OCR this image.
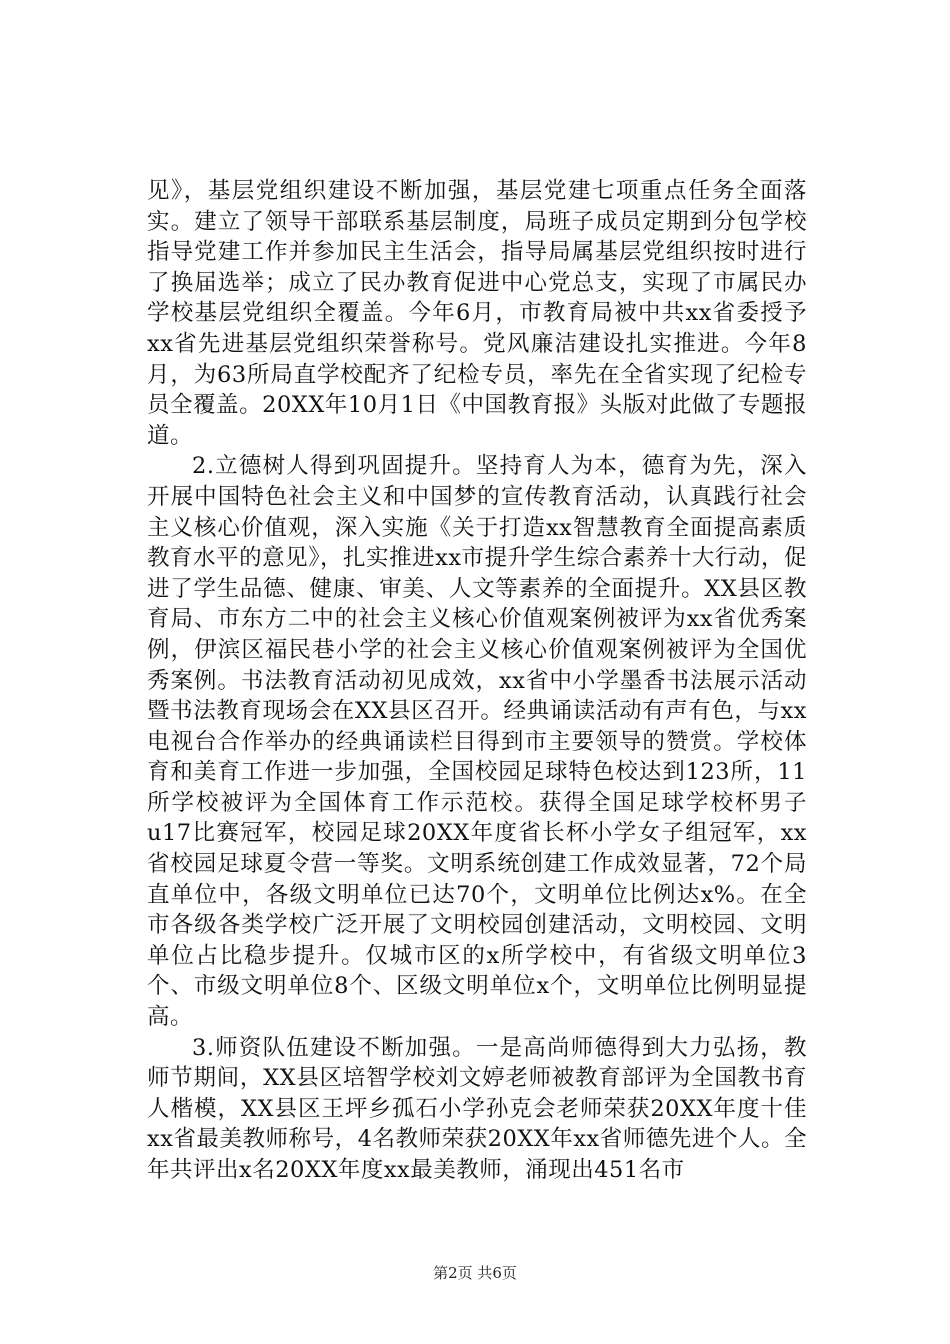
见》，基层党组织建设不断加强，基层党建七项重点任务全面落实。建立了领导干部联系基层制度，局班子成员定期到分包学校指导党建工作并参加民主生活会，指导局属基层党组织按时进行了换届选举；成立了民办教育促进中心党总支，实现了市属民办学校基层党组织全覆盖。今年6月，市教育局被中共xx省委授予xx省先进基层党组织荣誉称号。党风廉洁建设扎实推进。今年8月，为63所局直学校配齐了纪检专员，率先在全省实现了纪检专员全覆盖。20XX年10月1日《中国教育报》头版对此做了专题报道。

2.立德树人得到巩固提升。坚持育人为本，德育为先，深入开展中国特色社会主义和中国梦的宣传教育活动，认真践行社会主义核心价值观，深入实施《关于打造xx智慧教育全面提高素质教育水平的意见》，扎实推进xx市提升学生综合素养十大行动，促进了学生品德、健康、审美、人文等素养的全面提升。XX县区教育局、市东方二中的社会主义核心价值观案例被评为xx省优秀案例，伊滨区福民巷小学的社会主义核心价值观案例被评为全国优秀案例。书法教育活动初见成效，xx省中小学墨香书法展示活动暨书法教育现场会在XX县区召开。经典诵读活动有声有色，与xx电视台合作举办的经典诵读栏目得到市主要领导的赞赏。学校体育和美育工作进一步加强，全国校园足球特色校达到123所，11所学校被评为全国体育工作示范校。获得全国足球学校杯男子u17比赛冠军，校园足球20XX年度省长杯小学女子组冠军，xx省校园足球夏令营一等奖。文明系统创建工作成效显著，72个局直单位中，各级文明单位已达70个，文明单位比例达x%。在全市各级各类学校广泛开展了文明校园创建活动，文明校园、文明单位占比稳步提升。仅城市区的x所学校中，有省级文明单位3个、市级文明单位8个、区级文明单位x个，文明单位比例明显提高。

3.师资队伍建设不断加强。一是高尚师德得到大力弘扬，教师节期间，XX县区培智学校刘文婷老师被教育部评为全国教书育人楷模，XX县区王坪乡孤石小学孙克会老师荣获20XX年度十佳xx省最美教师称号，4名教师荣获20XX年xx省师德先进个人。全年共评出x名20XX年度xx最美教师，涌现出451名市

第2页 共6页
